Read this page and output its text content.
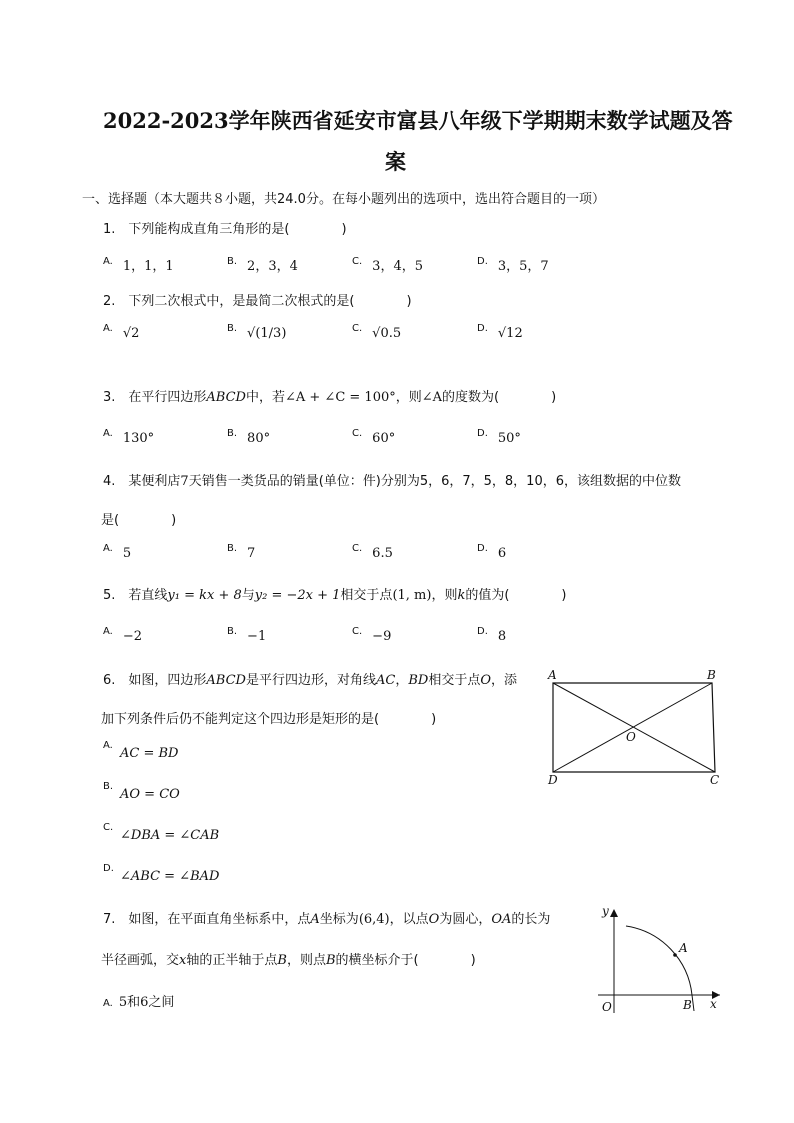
2022-2023学年陕西省延安市富县八年级下学期期末数学试题及答
案
一、选择题（本大题共８小题，共24.0分。在每小题列出的选项中，选出符合题目的一项）
1.　下列能构成直角三角形的是(　　　　)
$^{A.}$ 1，1，1	$^{B.}$ 2，3，4	$^{C.}$ 3，4，5	$^{D.}$ 3，5，7
2.　下列二次根式中，是最简二次根式的是(　　　　)
$^{A.}$ √2	$^{B.}$ √(1/3)	$^{C.}$ √0.5	$^{D.}$ √12
3.　在平行四边形ABCD中，若∠A + ∠C = 100°，则∠A的度数为(　　　　)
$^{A.}$ 130°	$^{B.}$ 80°	$^{C.}$ 60°	$^{D.}$ 50°
4.　某便利店7天销售一类货品的销量(单位：件)分别为5，6，7，5，8，10，6，该组数据的中位数
是(　　　　)
$^{A.}$ 5	$^{B.}$ 7	$^{C.}$ 6.5	$^{D.}$ 6
5.　若直线y₁ = kx + 8与y₂ = −2x + 1相交于点(1, m)，则k的值为(　　　　)
$^{A.}$ −2	$^{B.}$ −1	$^{C.}$ −9	$^{D.}$ 8
6.　如图，四边形ABCD是平行四边形，对角线AC，BD相交于点O，添
加下列条件后仍不能判定这个四边形是矩形的是(　　　　)
$^{A.}$
AC = BD
$^{B.}$
AO = CO
$^{C.}$
∠DBA = ∠CAB
$^{D.}$
∠ABC = ∠BAD
A	B
C
D
O
7.　如图，在平面直角坐标系中，点A坐标为(6,4)，以点O为圆心，OA的长为
半径画弧，交x轴的正半轴于点B，则点B的横坐标介于(　　　　)
A. 5和6之间
y
x
O
A
B
